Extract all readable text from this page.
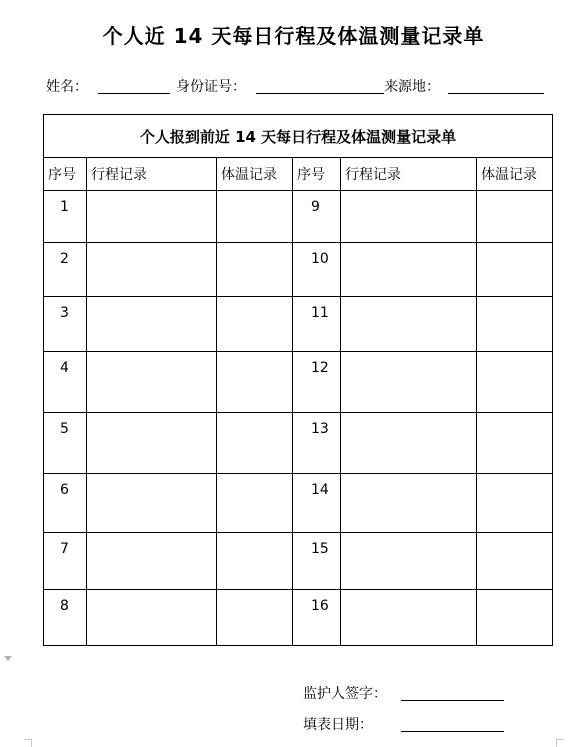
个人近 14 天每日行程及体温测量记录单
姓名：	身份证号：	来源地：
个人报到前近 14 天每日行程及体温测量记录单					
序号	行程记录	体温记录	序号	行程记录	体温记录
1			9		
2			10		
3			11		
4			12		
5			13		
6			14		
7			15		
8			16		
监护人签字：
填表日期：
